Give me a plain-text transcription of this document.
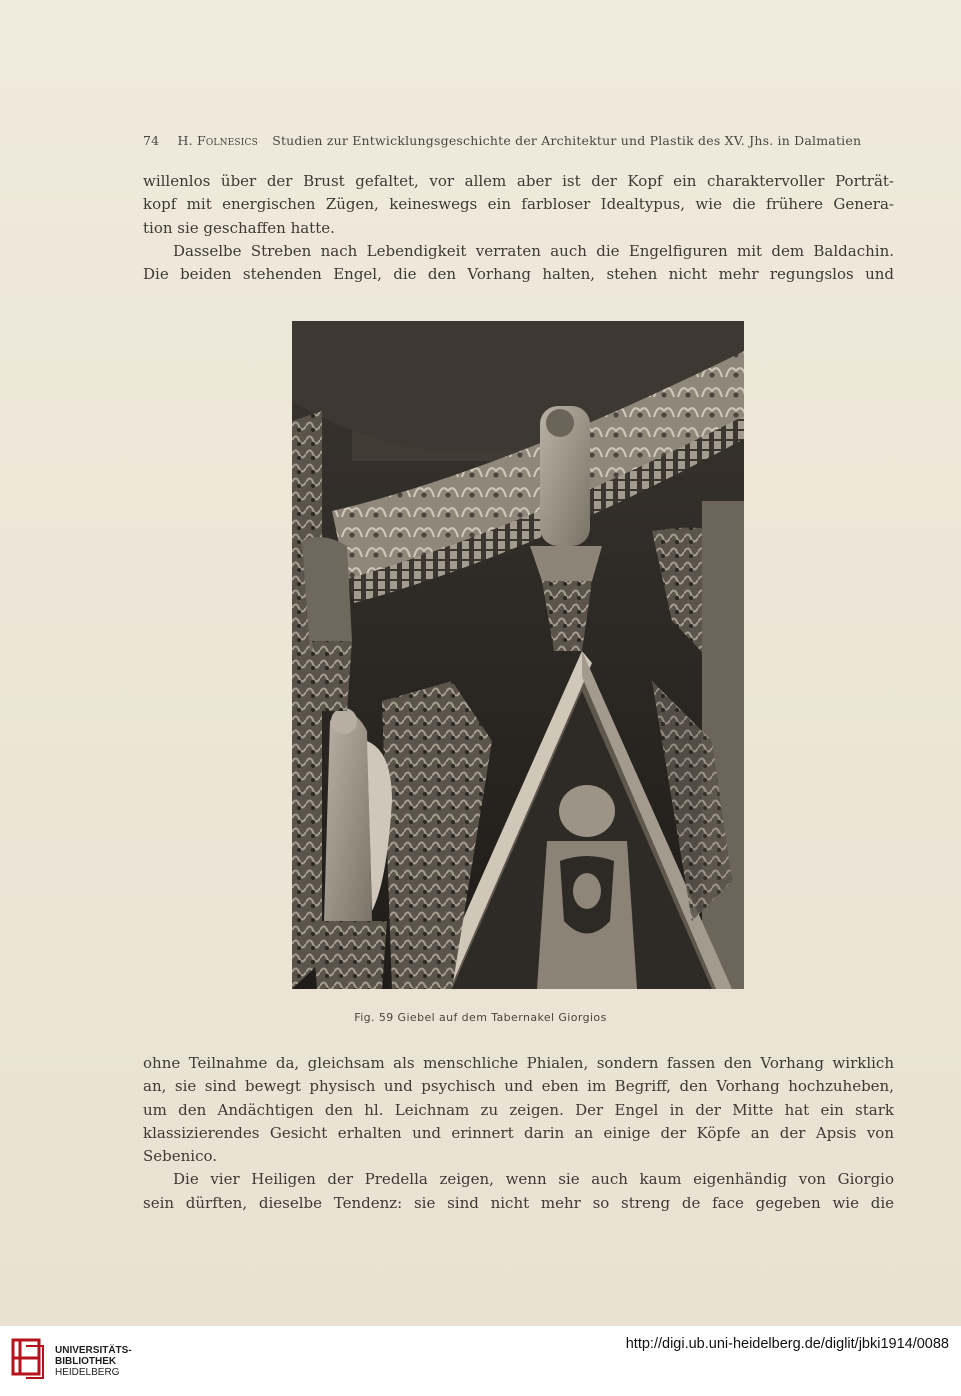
74 H. Folnesics Studien zur Entwicklungsgeschichte der Architektur und Plastik des XV. Jhs. in Dalmatien
willenlos über der Brust gefaltet, vor allem aber ist der Kopf ein charaktervoller Porträt-
kopf mit energischen Zügen, keineswegs ein farbloser Idealtypus, wie die frühere Genera-
tion sie geschaffen hatte.
Dasselbe Streben nach Lebendigkeit verraten auch die Engelfiguren mit dem Baldachin.
Die beiden stehenden Engel, die den Vorhang halten, stehen nicht mehr regungslos und
Fig. 59 Giebel auf dem Tabernakel Giorgios
ohne Teilnahme da, gleichsam als menschliche Phialen, sondern fassen den Vorhang wirklich
an, sie sind bewegt physisch und psychisch und eben im Begriff, den Vorhang hochzuheben,
um den Andächtigen den hl. Leichnam zu zeigen. Der Engel in der Mitte hat ein stark
klassizierendes Gesicht erhalten und erinnert darin an einige der Köpfe an der Apsis von
Sebenico.
Die vier Heiligen der Predella zeigen, wenn sie auch kaum eigenhändig von Giorgio
sein dürften, dieselbe Tendenz: sie sind nicht mehr so streng de face gegeben wie die
UNIVERSITÄTS-
BIBLIOTHEK
HEIDELBERG
http://digi.ub.uni-heidelberg.de/diglit/jbki1914/0088
